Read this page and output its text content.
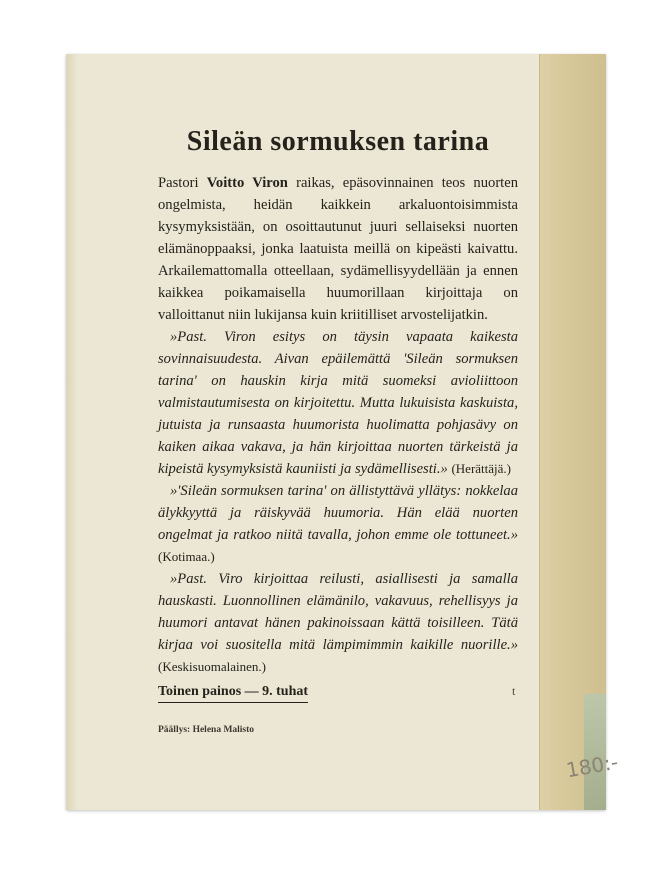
Sileän sormuksen tarina

Pastori Voitto Viron raikas, epäsovinnainen teos nuorten ongelmista, heidän kaikkein arkaluontoisimmista kysymyksistään, on osoittautunut juuri sellaiseksi nuorten elämänoppaaksi, jonka laatuista meillä on kipeästi kaivattu. Arkailemattomalla otteellaan, sydämellisyydellään ja ennen kaikkea poikamaisella huumorillaan kirjoittaja on valloittanut niin lukijansa kuin kriitilliset arvostelijatkin.

»Past. Viron esitys on täysin vapaata kaikesta sovinnaisuudesta. Aivan epäilemättä 'Sileän sormuksen tarina' on hauskin kirja mitä suomeksi avioliittoon valmistautumisesta on kirjoitettu. Mutta lukuisista kaskuista, jutuista ja runsaasta huumorista huolimatta pohjasävy on kaiken aikaa vakava, ja hän kirjoittaa nuorten tärkeistä ja kipeistä kysymyksistä kauniisti ja sydämellisesti.» (Herättäjä.)

»'Sileän sormuksen tarina' on ällistyttävä yllätys: nokkelaa älykkyyttä ja räiskyvää huumoria. Hän elää nuorten ongelmat ja ratkoo niitä tavalla, johon emme ole tottuneet.» (Kotimaa.)

»Past. Viro kirjoittaa reilusti, asiallisesti ja samalla hauskasti. Luonnollinen elämänilo, vakavuus, rehellisyys ja huumori antavat hänen pakinoissaan kättä toisilleen. Tätä kirjaa voi suositella mitä lämpimimmin kaikille nuorille.» (Keskisuomalainen.)

Toinen painos — 9. tuhat	t
Päällys: Helena Malisto
180:-
